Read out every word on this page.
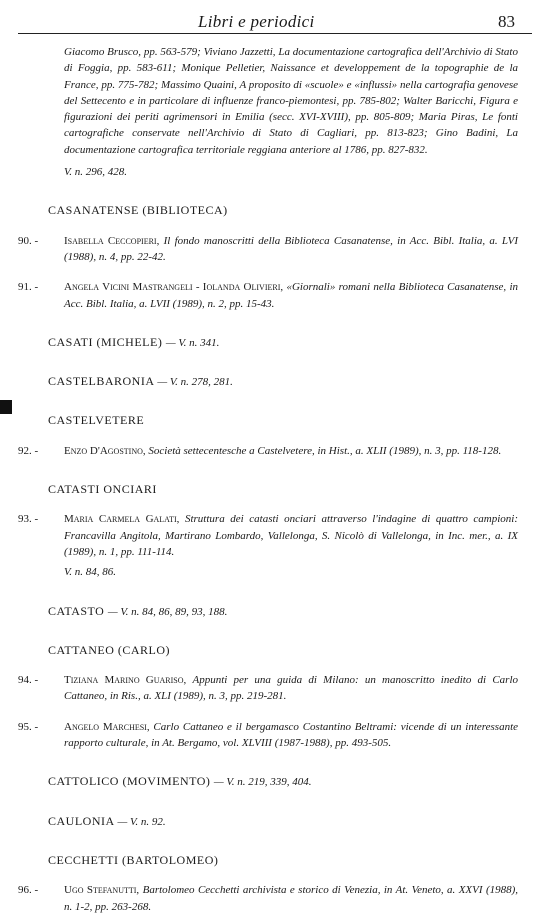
Libri e periodici	83

Giacomo Brusco, pp. 563-579; Viviano Jazzetti, La documentazione cartografica dell'Archivio di Stato di Foggia, pp. 583-611; Monique Pelletier, Naissance et developpement de la topographie de la France, pp. 775-782; Massimo Quaini, A proposito di «scuole» e «influssi» nella cartografia genovese del Settecento e in particolare di influenze franco-piemontesi, pp. 785-802; Walter Baricchi, Figura e figurazioni dei periti agrimensori in Emilia (secc. XVI-XVIII), pp. 805-809; Maria Piras, Le fonti cartografiche conservate nell'Archivio di Stato di Cagliari, pp. 813-823; Gino Badini, La documentazione cartografica territoriale reggiana anteriore al 1786, pp. 827-832.

V. n. 296, 428.

CASANATENSE (BIBLIOTECA)

90. -	Isabella Ceccopieri, Il fondo manoscritti della Biblioteca Casanatense, in Acc. Bibl. Italia, a. LVI (1988), n. 4, pp. 22-42.

91. -	Angela Vicini Mastrangeli - Iolanda Olivieri, «Giornali» romani nella Biblioteca Casanatense, in Acc. Bibl. Italia, a. LVII (1989), n. 2, pp. 15-43.

CASATI (MICHELE) — V. n. 341.

CASTELBARONIA — V. n. 278, 281.

CASTELVETERE

92. -	Enzo D'Agostino, Società settecentesche a Castelvetere, in Hist., a. XLII (1989), n. 3, pp. 118-128.

CATASTI ONCIARI

93. -	Maria Carmela Galati, Struttura dei catasti onciari attraverso l'indagine di quattro campioni: Francavilla Angitola, Martirano Lombardo, Vallelonga, S. Nicolò di Vallelonga, in Inc. mer., a. IX (1989), n. 1, pp. 111-114.

V. n. 84, 86.

CATASTO — V. n. 84, 86, 89, 93, 188.

CATTANEO (CARLO)

94. -	Tiziana Marino Guariso, Appunti per una guida di Milano: un manoscritto inedito di Carlo Cattaneo, in Ris., a. XLI (1989), n. 3, pp. 219-281.

95. -	Angelo Marchesi, Carlo Cattaneo e il bergamasco Costantino Beltrami: vicende di un interessante rapporto culturale, in At. Bergamo, vol. XLVIII (1987-1988), pp. 493-505.

CATTOLICO (MOVIMENTO) — V. n. 219, 339, 404.

CAULONIA — V. n. 92.

CECCHETTI (BARTOLOMEO)

96. -	Ugo Stefanutti, Bartolomeo Cecchetti archivista e storico di Venezia, in At. Veneto, a. XXVI (1988), n. 1-2, pp. 263-268.
